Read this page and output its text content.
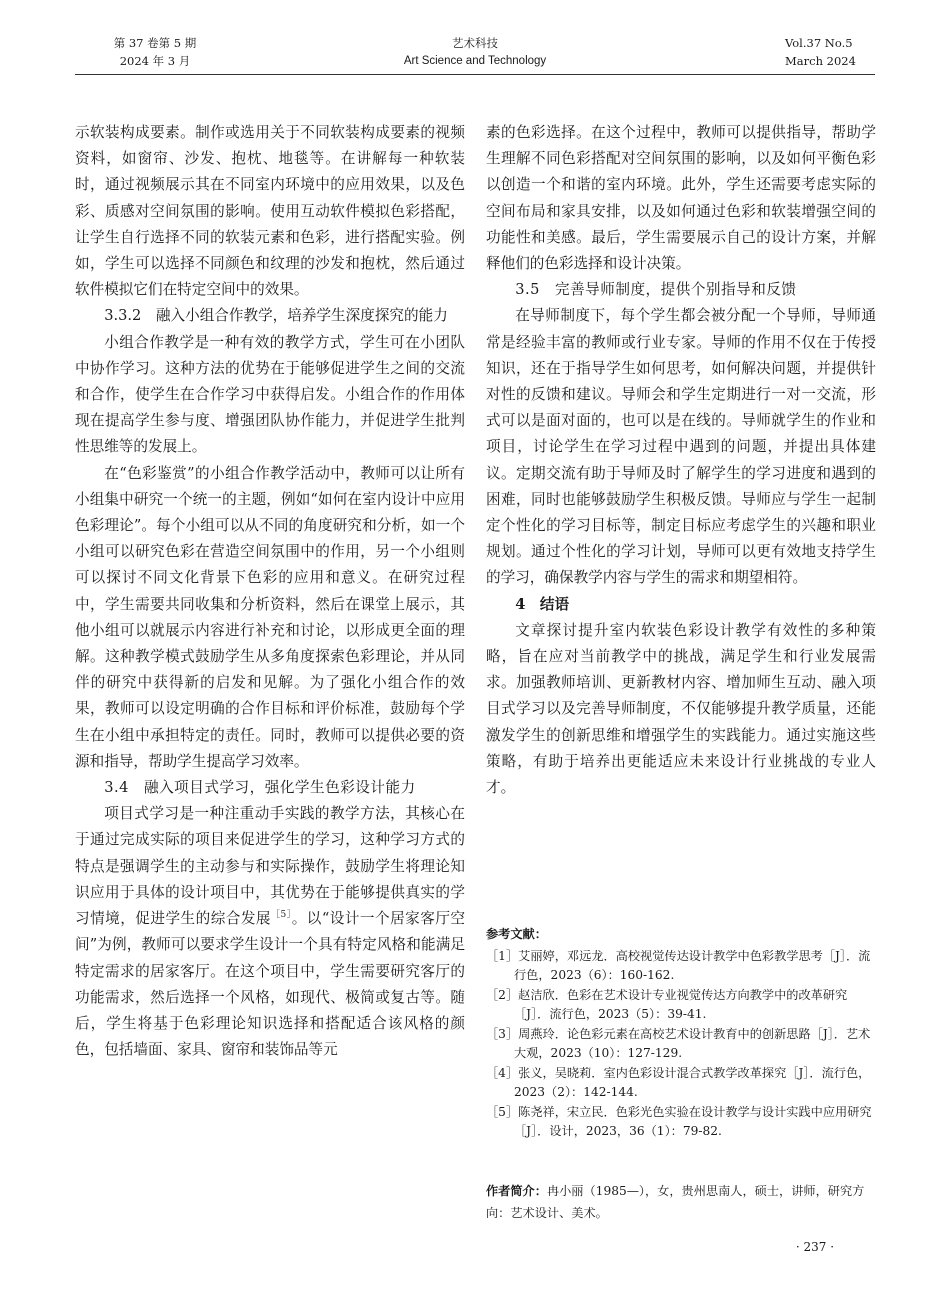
第 37 卷第 5 期
2024 年 3 月
艺术科技
Art Science and Technology
Vol.37 No.5
March 2024

示软装构成要素。制作或选用关于不同软装构成要素的视频资料，如窗帘、沙发、抱枕、地毯等。在讲解每一种软装时，通过视频展示其在不同室内环境中的应用效果，以及色彩、质感对空间氛围的影响。使用互动软件模拟色彩搭配，让学生自行选择不同的软装元素和色彩，进行搭配实验。例如，学生可以选择不同颜色和纹理的沙发和抱枕，然后通过软件模拟它们在特定空间中的效果。

3.3.2　融入小组合作教学，培养学生深度探究的能力

小组合作教学是一种有效的教学方式，学生可在小团队中协作学习。这种方法的优势在于能够促进学生之间的交流和合作，使学生在合作学习中获得启发。小组合作的作用体现在提高学生参与度、增强团队协作能力，并促进学生批判性思维等的发展上。

在“色彩鉴赏”的小组合作教学活动中，教师可以让所有小组集中研究一个统一的主题，例如“如何在室内设计中应用色彩理论”。每个小组可以从不同的角度研究和分析，如一个小组可以研究色彩在营造空间氛围中的作用，另一个小组则可以探讨不同文化背景下色彩的应用和意义。在研究过程中，学生需要共同收集和分析资料，然后在课堂上展示，其他小组可以就展示内容进行补充和讨论，以形成更全面的理解。这种教学模式鼓励学生从多角度探索色彩理论，并从同伴的研究中获得新的启发和见解。为了强化小组合作的效果，教师可以设定明确的合作目标和评价标准，鼓励每个学生在小组中承担特定的责任。同时，教师可以提供必要的资源和指导，帮助学生提高学习效率。

3.4　融入项目式学习，强化学生色彩设计能力

项目式学习是一种注重动手实践的教学方法，其核心在于通过完成实际的项目来促进学生的学习，这种学习方式的特点是强调学生的主动参与和实际操作，鼓励学生将理论知识应用于具体的设计项目中，其优势在于能够提供真实的学习情境，促进学生的综合发展$^{[5]}$。以“设计一个居家客厅空间”为例，教师可以要求学生设计一个具有特定风格和能满足特定需求的居家客厅。在这个项目中，学生需要研究客厅的功能需求，然后选择一个风格，如现代、极简或复古等。随后，学生将基于色彩理论知识选择和搭配适合该风格的颜色，包括墙面、家具、窗帘和装饰品等元

素的色彩选择。在这个过程中，教师可以提供指导，帮助学生理解不同色彩搭配对空间氛围的影响，以及如何平衡色彩以创造一个和谐的室内环境。此外，学生还需要考虑实际的空间布局和家具安排，以及如何通过色彩和软装增强空间的功能性和美感。最后，学生需要展示自己的设计方案，并解释他们的色彩选择和设计决策。

3.5　完善导师制度，提供个别指导和反馈

在导师制度下，每个学生都会被分配一个导师，导师通常是经验丰富的教师或行业专家。导师的作用不仅在于传授知识，还在于指导学生如何思考，如何解决问题，并提供针对性的反馈和建议。导师会和学生定期进行一对一交流，形式可以是面对面的，也可以是在线的。导师就学生的作业和项目，讨论学生在学习过程中遇到的问题，并提出具体建议。定期交流有助于导师及时了解学生的学习进度和遇到的困难，同时也能够鼓励学生积极反馈。导师应与学生一起制定个性化的学习目标等，制定目标应考虑学生的兴趣和职业规划。通过个性化的学习计划，导师可以更有效地支持学生的学习，确保教学内容与学生的需求和期望相符。

4　结语

文章探讨提升室内软装色彩设计教学有效性的多种策略，旨在应对当前教学中的挑战，满足学生和行业发展需求。加强教师培训、更新教材内容、增加师生互动、融入项目式学习以及完善导师制度，不仅能够提升教学质量，还能激发学生的创新思维和增强学生的实践能力。通过实施这些策略，有助于培养出更能适应未来设计行业挑战的专业人才。

参考文献：

［1］艾丽婷，邓远龙．高校视觉传达设计教学中色彩教学思考［J］．流行色，2023（6）：160-162.

［2］赵洁欣．色彩在艺术设计专业视觉传达方向教学中的改革研究［J］．流行色，2023（5）：39-41.

［3］周燕玲．论色彩元素在高校艺术设计教育中的创新思路［J］．艺术大观，2023（10）：127-129.

［4］张义，吴晓莉．室内色彩设计混合式教学改革探究［J］．流行色，2023（2）：142-144.

［5］陈尧祥，宋立民．色彩光色实验在设计教学与设计实践中应用研究［J］．设计，2023，36（1）：79-82.

作者简介：冉小丽（1985—），女，贵州思南人，硕士，讲师，研究方向：艺术设计、美术。
· 237 ·
